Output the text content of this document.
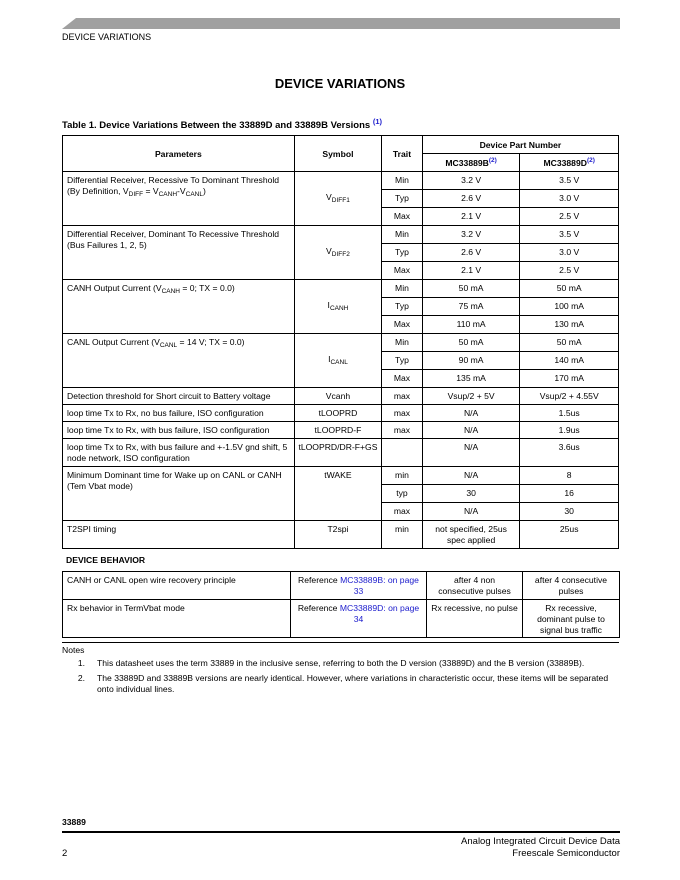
DEVICE VARIATIONS
DEVICE VARIATIONS
Table 1. Device Variations Between the 33889D and 33889B Versions $^{(1)}$
Parameters	Symbol	Trait	Device Part Number	
			$MC33889B^{(2)}$	$MC33889D^{(2)}$

Differential Receiver, Recessive To Dominant Threshold
(By Definition, $V_{DIFF} = V_{CANH}-V_{CANL}$)	$V_{DIFF1}$	Min	3.2 V	3.5 V
		Typ	2.6 V	3.0 V
		Max	2.1 V	2.5 V

Differential Receiver, Dominant To Recessive Threshold
(Bus Failures 1, 2, 5)	$V_{DIFF2}$	Min	3.2 V	3.5 V
		Typ	2.6 V	3.0 V
		Max	2.1 V	2.5 V
CANH Output Current ($V_{CANH} = 0$; TX = 0.0)	$I_{CANH}$	Min	50 mA	50 mA
		Typ	75 mA	100 mA
		Max	110 mA	130 mA
CANL Output Current ($V_{CANL} = 14$ V; TX = 0.0)	$I_{CANL}$	Min	50 mA	50 mA
		Typ	90 mA	140 mA
		Max	135 mA	170 mA
Detection threshold for Short circuit to Battery voltage	Vcanh	max	Vsup/2 + 5V	Vsup/2 + 4.55V
loop time Tx to Rx, no bus failure, ISO configuration	tLOOPRD	max	N/A	1.5us
loop time Tx to Rx, with bus failure, ISO configuration	tLOOPRD-F	max	N/A	1.9us
loop time Tx to Rx, with bus failure and +-1.5V gnd shift, 5 node network, ISO configuration	tLOOPRD/DR-F+GS		N/A	3.6us
Minimum Dominant time for Wake up on CANL or CANH (Tem Vbat mode)	tWAKE	min	N/A	8
		typ	30	16
		max	N/A	30
T2SPI timing	T2spi	min	not specified, 25us spec applied	25us
DEVICE BEHAVIOR
CANH or CANL open wire recovery principle	Reference MC33889B: on page 33	after 4 non consecutive pulses	after 4 consecutive pulses
Rx behavior in TermVbat mode	Reference MC33889D: on page 34	Rx recessive, no pulse	Rx recessive, dominant pulse to signal bus traffic
Notes
1.	This datasheet uses the term 33889 in the inclusive sense, referring to both the D version (33889D) and the B version (33889B).
2.	The 33889D and 33889B versions are nearly identical. However, where variations in characteristic occur, these items will be separated onto individual lines.
33889
Analog Integrated Circuit Device Data
Freescale Semiconductor
2
